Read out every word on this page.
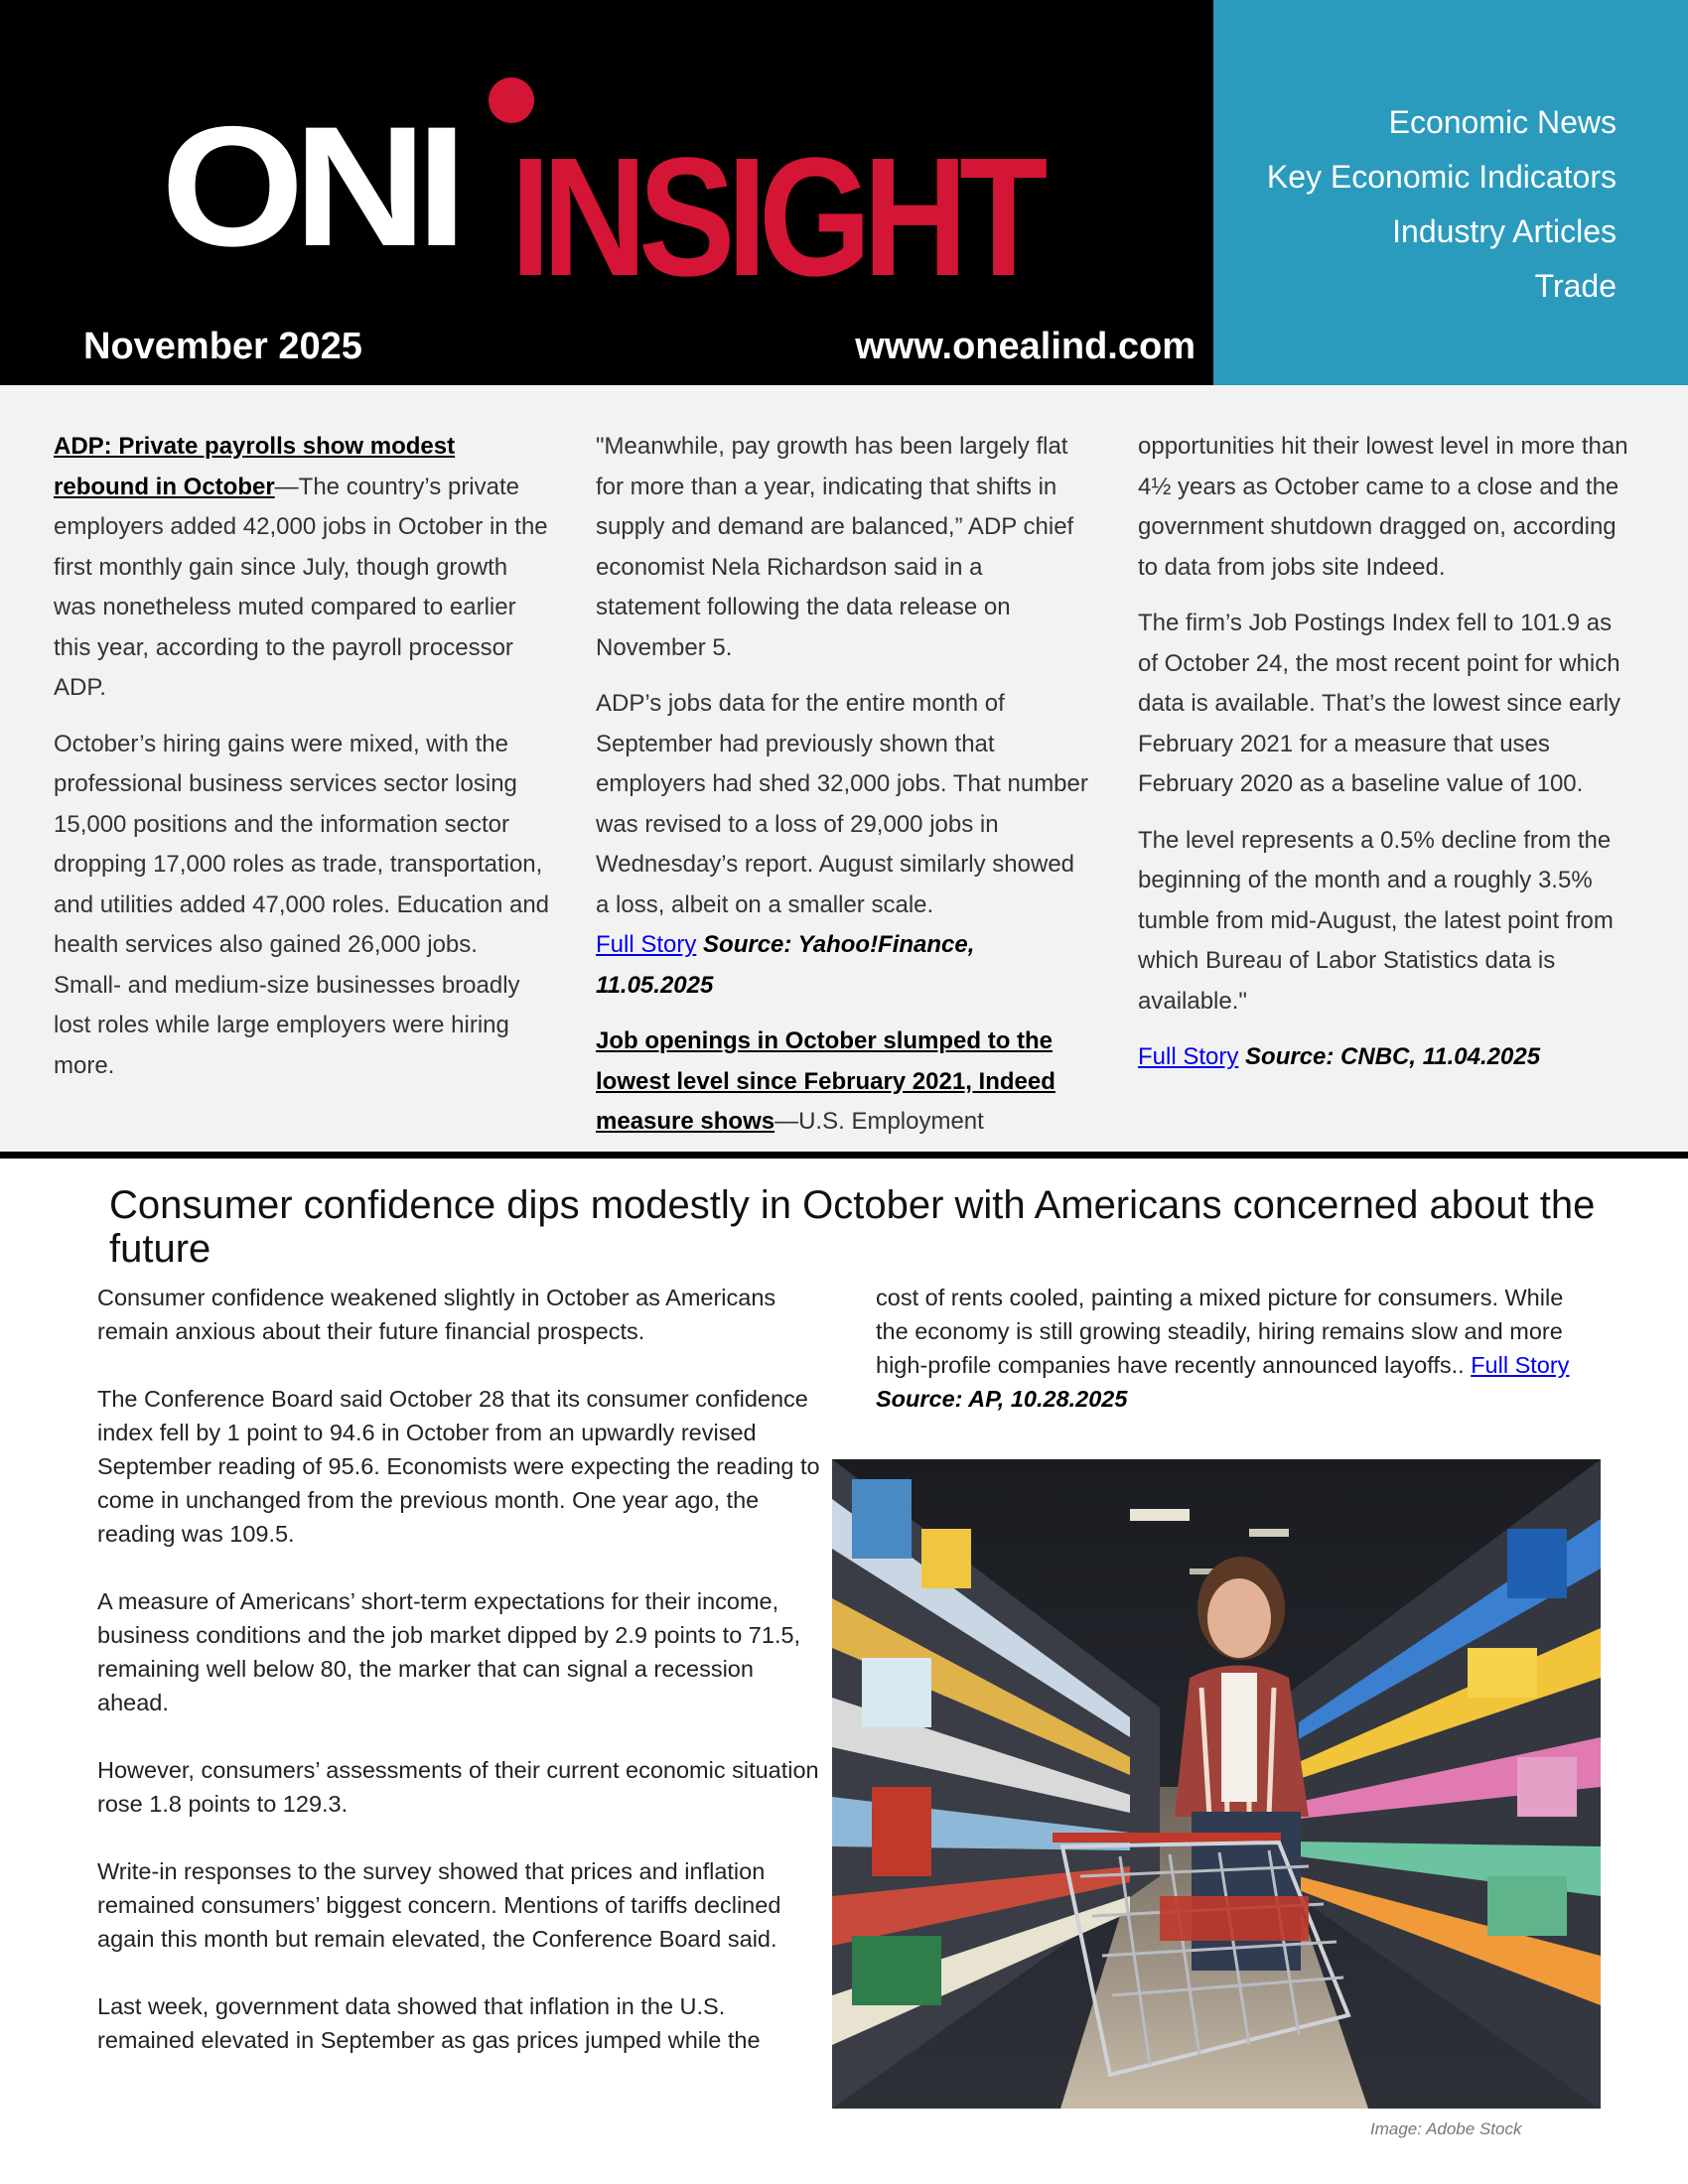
ONI INSIGHT
November 2025	www.onealind.com
Economic News
Key Economic Indicators
Industry Articles
Trade

ADP: Private payrolls show modest rebound in October—The country’s private employers added 42,000 jobs in October in the first monthly gain since July, though growth was nonetheless muted compared to earlier this year, according to the payroll processor ADP.

October’s hiring gains were mixed, with the professional business services sector losing 15,000 positions and the information sector dropping 17,000 roles as trade, transportation, and utilities added 47,000 roles. Education and health services also gained 26,000 jobs. Small- and medium-size businesses broadly lost roles while large employers were hiring more.

"Meanwhile, pay growth has been largely flat for more than a year, indicating that shifts in supply and demand are balanced,” ADP chief economist Nela Richardson said in a statement following the data release on November 5.

ADP’s jobs data for the entire month of September had previously shown that employers had shed 32,000 jobs. That number was revised to a loss of 29,000 jobs in Wednesday’s report. August similarly showed a loss, albeit on a smaller scale.
Full Story Source: Yahoo!Finance, 11.05.2025

Job openings in October slumped to the lowest level since February 2021, Indeed measure shows—U.S. Employment

opportunities hit their lowest level in more than 4½ years as October came to a close and the government shutdown dragged on, according to data from jobs site Indeed.

The firm’s Job Postings Index fell to 101.9 as of October 24, the most recent point for which data is available. That’s the lowest since early February 2021 for a measure that uses February 2020 as a baseline value of 100.

The level represents a 0.5% decline from the beginning of the month and a roughly 3.5% tumble from mid-August, the latest point from which Bureau of Labor Statistics data is available."

Full Story Source: CNBC, 11.04.2025

Consumer confidence dips modestly in October with Americans concerned about the future

Consumer confidence weakened slightly in October as Americans remain anxious about their future financial prospects.

The Conference Board said October 28 that its consumer confidence index fell by 1 point to 94.6 in October from an upwardly revised September reading of 95.6. Economists were expecting the reading to come in unchanged from the previous month. One year ago, the reading was 109.5.

A measure of Americans’ short-term expectations for their income, business conditions and the job market dipped by 2.9 points to 71.5, remaining well below 80, the marker that can signal a recession ahead.

However, consumers’ assessments of their current economic situation rose 1.8 points to 129.3.

Write-in responses to the survey showed that prices and inflation remained consumers’ biggest concern. Mentions of tariffs declined again this month but remain elevated, the Conference Board said.

Last week, government data showed that inflation in the U.S. remained elevated in September as gas prices jumped while the

cost of rents cooled, painting a mixed picture for consumers. While the economy is still growing steadily, hiring remains slow and more high-profile companies have recently announced layoffs.. Full Story  Source: AP, 10.28.2025

Image: Adobe Stock
